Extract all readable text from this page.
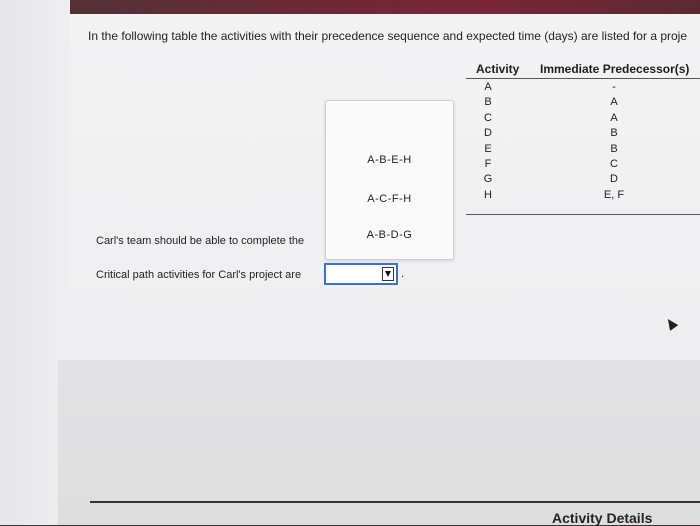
In the following table the activities with their precedence sequence and expected time (days) are listed for a proje
Activity Immediate Predecessor(s)
A
B
C
D
E
F
G
H
-
A
A
B
B
C
D
E, F
A-B-E-H
A-C-F-H
A-B-D-G
Carl's team should be able to complete the
Critical path activities for Carl's project are	.
Activity Details
